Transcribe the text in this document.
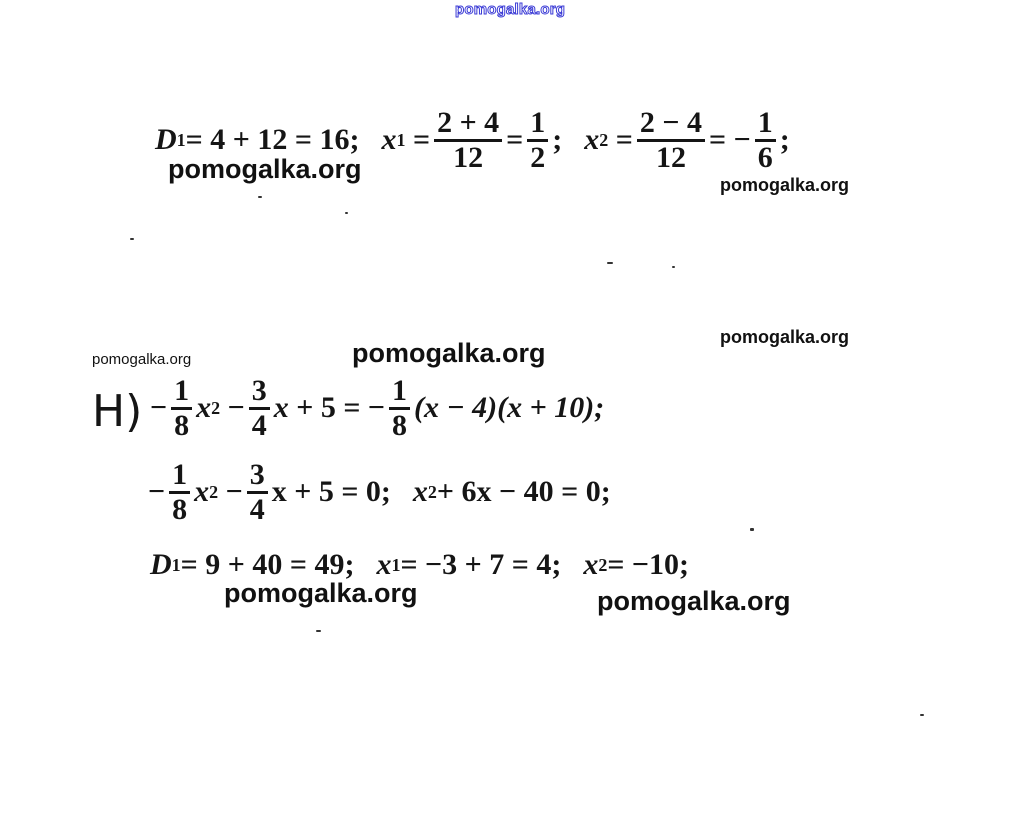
pomogalka.org
pomogalka.org
pomogalka.org
pomogalka.org
pomogalka.org
pomogalka.org
pomogalka.org	pomogalka.org
D 1 = 4 + 12 = 16; x $1 = \frac{2 + 4}{12} = \frac{1}{2}$ ; x $2 = \frac{2 - 4}{12}$ = − $\frac{1}{6}$ ;
$Н) - \frac{1}{8}$ x $2 - \frac{3}{4}$ x + 5 = − $\frac{1}{8} (x - 4)(x + 10)$;
− $\frac{1}{8}$ x $2 - \frac{3}{4}$ x + 5 = 0; x 2 + 6x − 40 = 0;
D 1 = 9 + 40 = 49; x 1 = −3 + 7 = 4; x 2 = −10;
